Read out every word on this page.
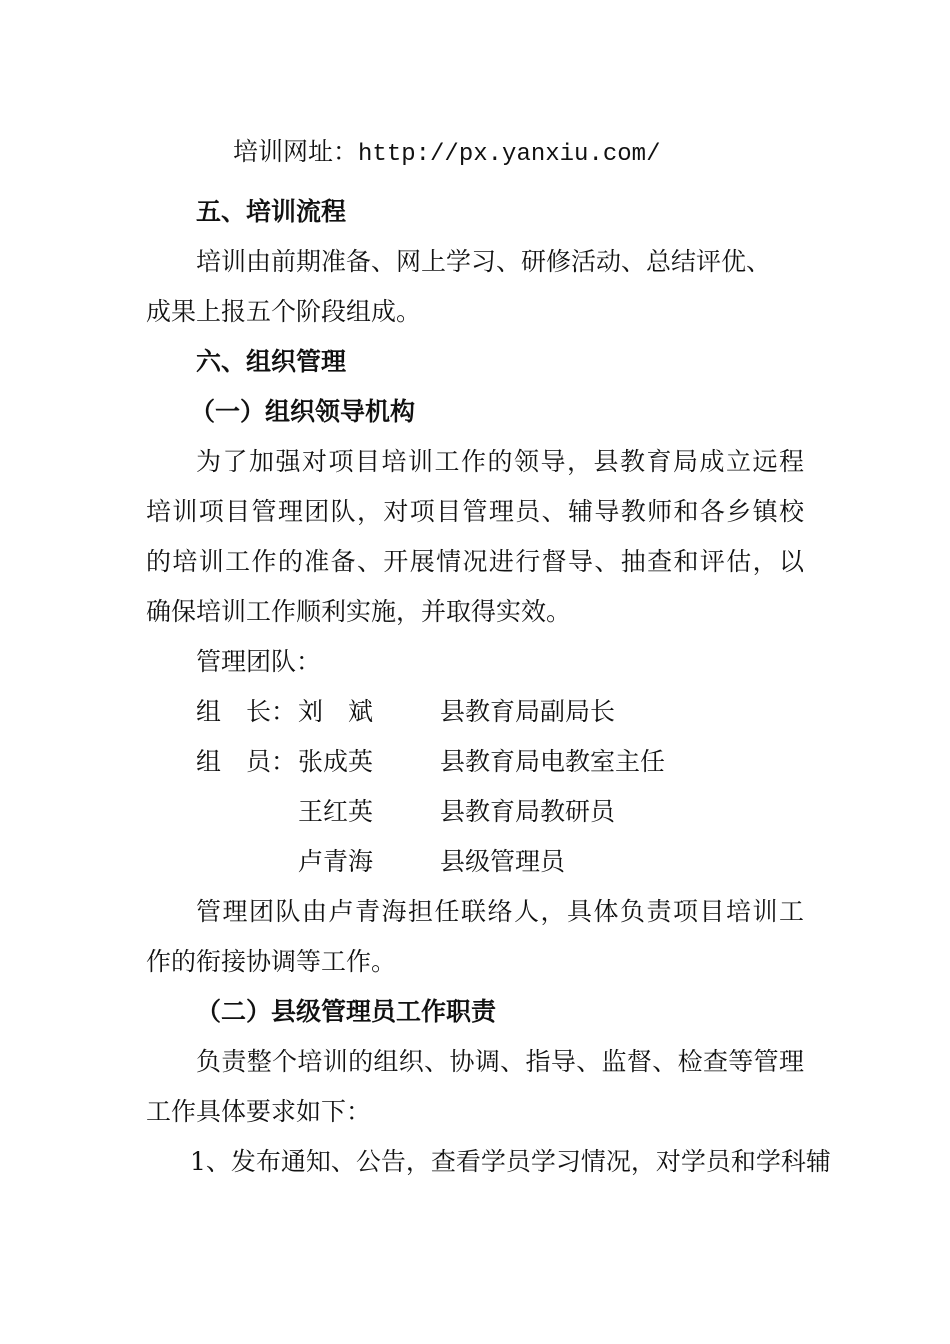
培训网址：http://px.yanxiu.com/
五、培训流程
培训由前期准备、网上学习、研修活动、总结评优、
成果上报五个阶段组成。
六、组织管理
（一）组织领导机构
为了加强对项目培训工作的领导，县教育局成立远程
培训项目管理团队，对项目管理员、辅导教师和各乡镇校
的培训工作的准备、开展情况进行督导、抽查和评估，以
确保培训工作顺利实施，并取得实效。
管理团队：
组　长： 刘　斌	县教育局副局长
组　员： 张成英	县教育局电教室主任
王红英	县教育局教研员
卢青海	县级管理员
管理团队由卢青海担任联络人，具体负责项目培训工
作的衔接协调等工作。
（二）县级管理员工作职责
负责整个培训的组织、协调、指导、监督、检查等管理
工作具体要求如下：
1、发布通知、公告，查看学员学习情况，对学员和学科辅
